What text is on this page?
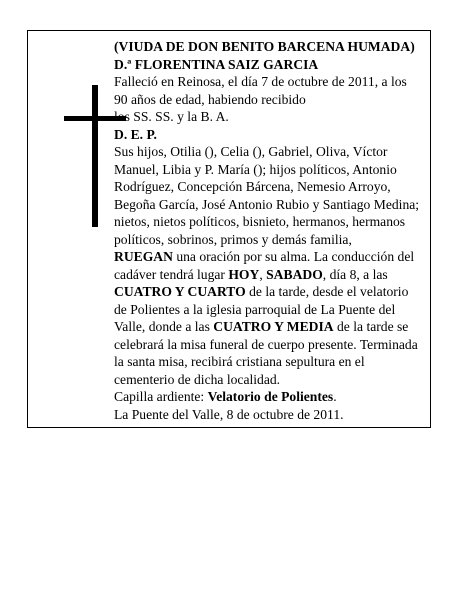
(VIUDA DE DON BENITO BARCENA HUMADA)
D.ª FLORENTINA SAIZ GARCIA
Falleció en Reinosa, el día 7 de octubre de 2011, a los
90 años de edad, habiendo recibido
los SS. SS. y la B. A.
D. E. P.
Sus hijos, Otilia (), Celia (), Gabriel, Oliva, Víctor
Manuel, Libia y P. María (); hijos políticos, Antonio
Rodríguez, Concepción Bárcena, Nemesio Arroyo,
Begoña García, José Antonio Rubio y Santiago Medina;
nietos, nietos políticos, bisnieto, hermanos, hermanos
políticos, sobrinos, primos y demás familia,
RUEGAN una oración por su alma. La conducción del
cadáver tendrá lugar HOY, SABADO, día 8, a las
CUATRO Y CUARTO de la tarde, desde el velatorio
de Polientes a la iglesia parroquial de La Puente del
Valle, donde a las CUATRO Y MEDIA de la tarde se
celebrará la misa funeral de cuerpo presente. Terminada
la santa misa, recibirá cristiana sepultura en el
cementerio de dicha localidad.
Capilla ardiente: Velatorio de Polientes.
La Puente del Valle, 8 de octubre de 2011.
